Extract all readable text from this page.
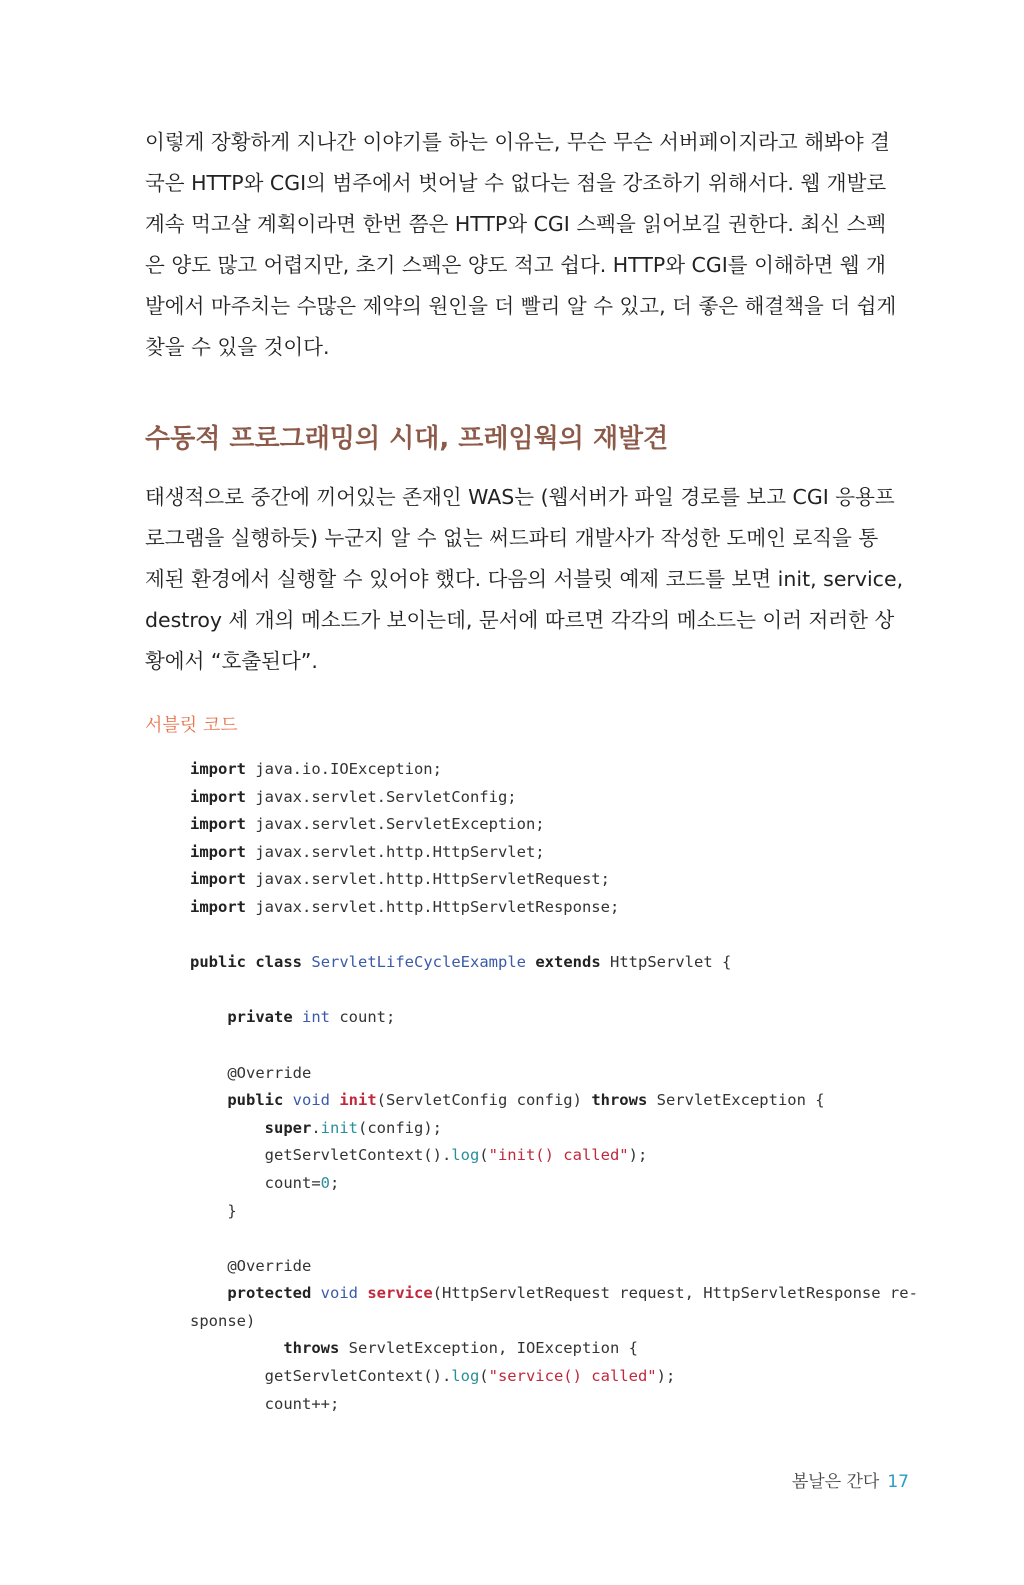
이렇게 장황하게 지나간 이야기를 하는 이유는, 무슨 무슨 서버페이지라고 해봐야 결
국은 HTTP와 CGI의 범주에서 벗어날 수 없다는 점을 강조하기 위해서다. 웹 개발로
계속 먹고살 계획이라면 한번 쯤은 HTTP와 CGI 스펙을 읽어보길 권한다. 최신 스펙
은 양도 많고 어렵지만, 초기 스펙은 양도 적고 쉽다. HTTP와 CGI를 이해하면 웹 개
발에서 마주치는 수많은 제약의 원인을 더 빨리 알 수 있고, 더 좋은 해결책을 더 쉽게
찾을 수 있을 것이다.
수동적 프로그래밍의 시대, 프레임웍의 재발견
태생적으로 중간에 끼어있는 존재인 WAS는 (웹서버가 파일 경로를 보고 CGI 응용프
로그램을 실행하듯) 누군지 알 수 없는 써드파티 개발사가 작성한 도메인 로직을 통
제된 환경에서 실행할 수 있어야 했다. 다음의 서블릿 예제 코드를 보면 init, service,
destroy 세 개의 메소드가 보이는데, 문서에 따르면 각각의 메소드는 이러 저러한 상
황에서 “호출된다”.
서블릿 코드
import java.io.IOException;
import javax.servlet.ServletConfig;
import javax.servlet.ServletException;
import javax.servlet.http.HttpServlet;
import javax.servlet.http.HttpServletRequest;
import javax.servlet.http.HttpServletResponse;
public class ServletLifeCycleExample extends HttpServlet {
private int count;
@Override
public void init(ServletConfig config) throws ServletException {
super.init(config);
getServletContext().log("init() called");
count=0;
}
@Override
protected void service(HttpServletRequest request, HttpServletResponse re-
sponse)
throws ServletException, IOException {
getServletContext().log("service() called");
count++;
봄날은 간다 17
